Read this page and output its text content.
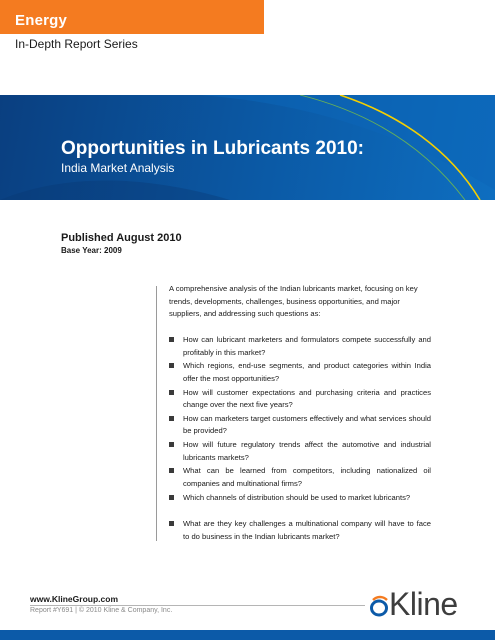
Energy
In-Depth Report Series
Opportunities in Lubricants 2010:
India Market Analysis
Published August 2010
Base Year: 2009

A comprehensive analysis of the Indian lubricants market, focusing on key trends, developments, challenges, business opportunities, and major suppliers, and addressing such questions as:

How can lubricant marketers and formulators compete successfully and profitably in this market?
Which regions, end-use segments, and product categories within India offer the most opportunities?
How will customer expectations and purchasing criteria and practices change over the next five years?
How can marketers target customers effectively and what services should be provided?
How will future regulatory trends affect the automotive and industrial lubricants markets?
What can be learned from competitors, including nationalized oil companies and multinational firms?
Which channels of distribution should be used to market lubricants?
What are they key challenges a multinational company will have to face to do business in the Indian lubricants market?
www.KlineGroup.com
Report #Y691 | © 2010 Kline & Company, Inc.	Kline
